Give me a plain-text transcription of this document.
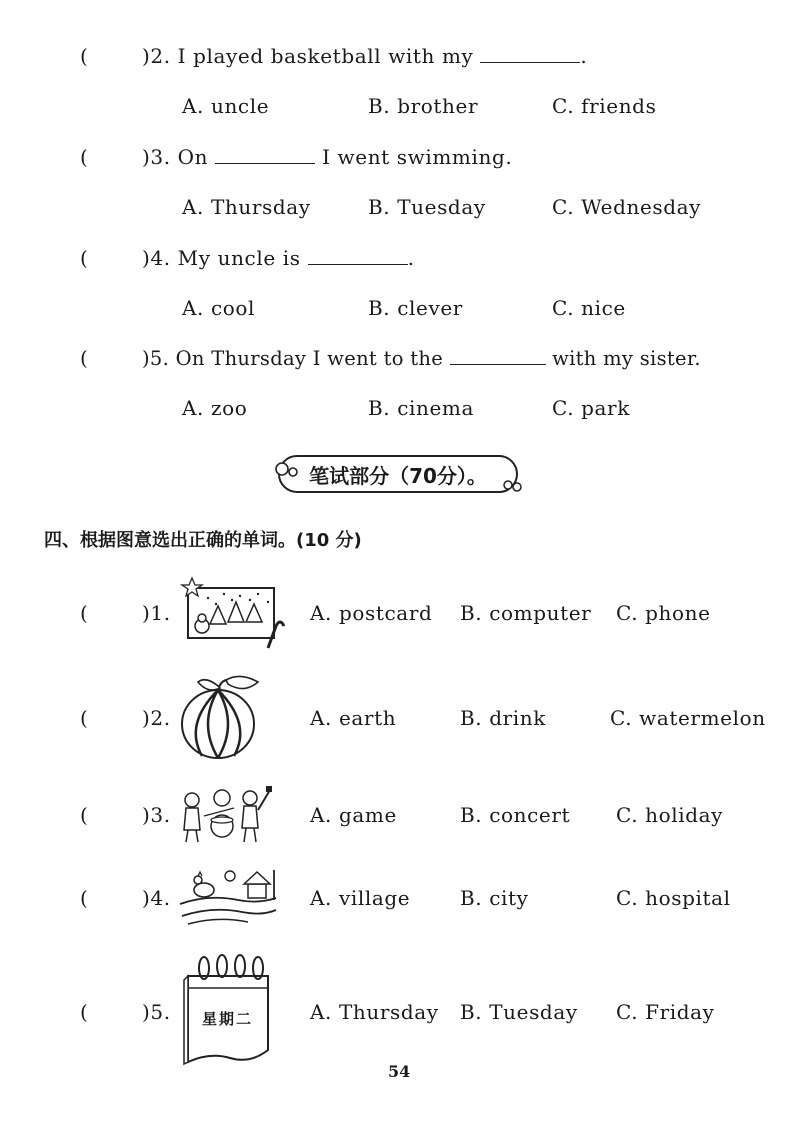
(	)2. I played basketball with my	.
A. uncle	B. brother	C. friends
(	)3. On	I went swimming.
A. Thursday	B. Tuesday	C. Wednesday
(	)4. My uncle is	.
A. cool	B. clever	C. nice
(	)5. On Thursday I went to the	with my sister.
A. zoo	B. cinema	C. park
笔试部分（70分）。
四、根据图意选出正确的单词。(10 分)
(	)1.	A. postcard B. computer C. phone
(	)2.	A. earth	B. drink	C. watermelon
(	)3.	A. game	B. concert C. holiday
(	)4.	A. village B. city	C. hospital
(	)5. 星期二	A. Thursday B. Tuesday C. Friday
54
